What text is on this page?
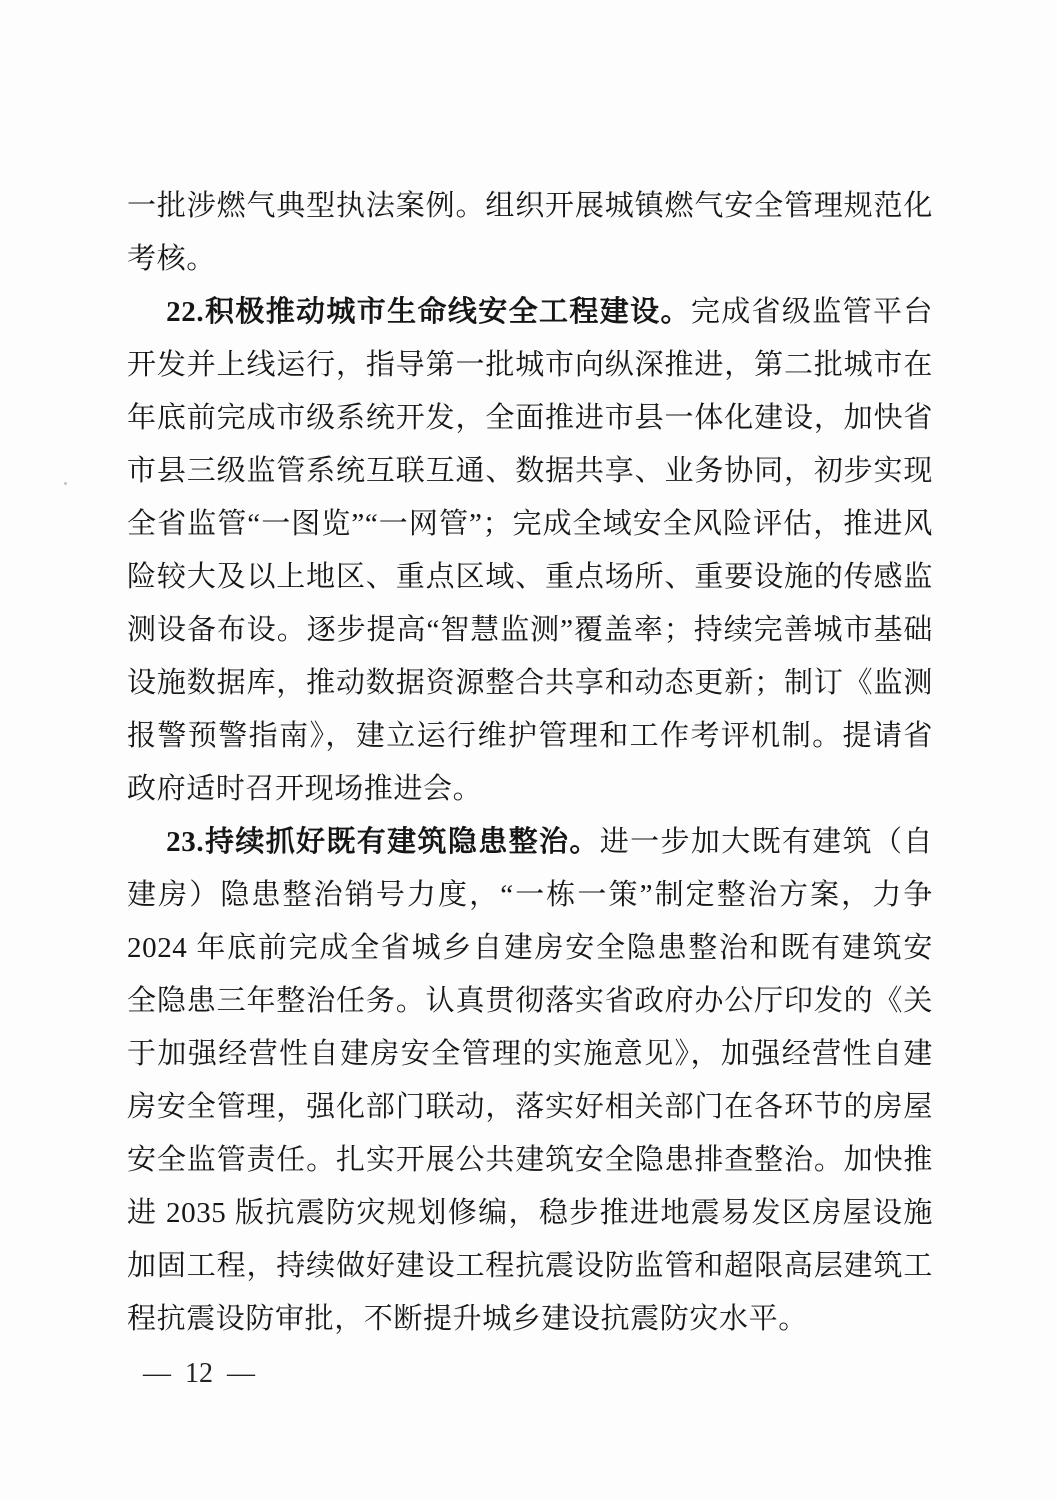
一批涉燃气典型执法案例。组织开展城镇燃气安全管理规范化考核。

22.积极推动城市生命线安全工程建设。完成省级监管平台开发并上线运行，指导第一批城市向纵深推进，第二批城市在年底前完成市级系统开发，全面推进市县一体化建设，加快省市县三级监管系统互联互通、数据共享、业务协同，初步实现全省监管“一图览”“一网管”；完成全域安全风险评估，推进风险较大及以上地区、重点区域、重点场所、重要设施的传感监测设备布设。逐步提高“智慧监测”覆盖率；持续完善城市基础设施数据库，推动数据资源整合共享和动态更新；制订《监测报警预警指南》，建立运行维护管理和工作考评机制。提请省政府适时召开现场推进会。

23.持续抓好既有建筑隐患整治。进一步加大既有建筑（自建房）隐患整治销号力度，“一栋一策”制定整治方案，力争 2024 年底前完成全省城乡自建房安全隐患整治和既有建筑安全隐患三年整治任务。认真贯彻落实省政府办公厅印发的《关于加强经营性自建房安全管理的实施意见》，加强经营性自建房安全管理，强化部门联动，落实好相关部门在各环节的房屋安全监管责任。扎实开展公共建筑安全隐患排查整治。加快推进 2035 版抗震防灾规划修编，稳步推进地震易发区房屋设施加固工程，持续做好建设工程抗震设防监管和超限高层建筑工程抗震设防审批，不断提升城乡建设抗震防灾水平。

— 12 —
